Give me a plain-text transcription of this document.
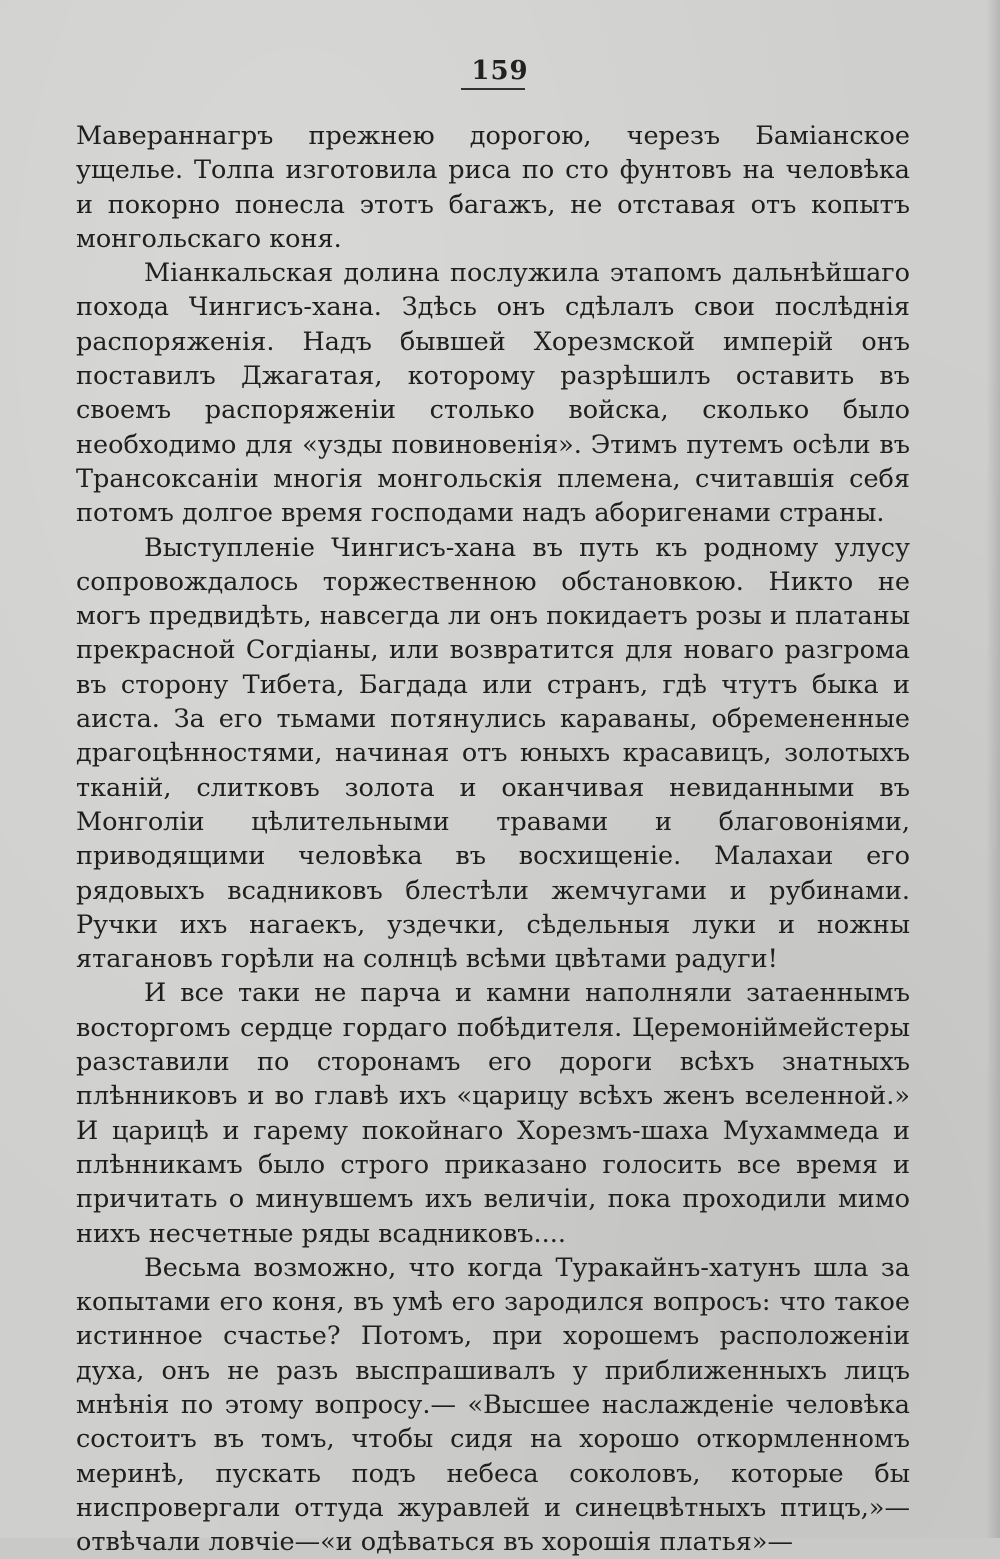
159

Мавераннагръ прежнею дорогою, черезъ Баміанское ущелье. Толпа изготовила риса по сто фунтовъ на человѣка и покорно понесла этотъ багажъ, не отставая отъ копытъ монгольскаго коня.

Міанкальская долина послужила этапомъ дальнѣйшаго похода Чингисъ-хана. Здѣсь онъ сдѣлалъ свои послѣднія распоряженія. Надъ бывшей Хорезмской имперій онъ поставилъ Джагатая, которому разрѣшилъ оставить въ своемъ распоряженіи столько войска, сколько было необходимо для «узды повиновенія». Этимъ путемъ осѣли въ Трансоксаніи многія монгольскія племена, считавшія себя потомъ долгое время господами надъ аборигенами страны.

Выступленіе Чингисъ-хана въ путь къ родному улусу сопровождалось торжественною обстановкою. Никто не могъ предвидѣть, навсегда ли онъ покидаетъ розы и платаны прекрасной Согдіаны, или возвратится для новаго разгрома въ сторону Тибета, Багдада или странъ, гдѣ чтутъ быка и аиста. За его тьмами потянулись караваны, обремененные драгоцѣнностями, начиная отъ юныхъ красавицъ, золотыхъ тканій, слитковъ золота и оканчивая невиданными въ Монголіи цѣлительными травами и благовоніями, приводящими человѣка въ восхищеніе. Малахаи его рядовыхъ всадниковъ блестѣли жемчугами и рубинами. Ручки ихъ нагаекъ, уздечки, сѣдельныя луки и ножны ятагановъ горѣли на солнцѣ всѣми цвѣтами радуги!

И все таки не парча и камни наполняли затаеннымъ восторгомъ сердце гордаго побѣдителя. Церемоніймейстеры разставили по сторонамъ его дороги всѣхъ знатныхъ плѣнниковъ и во главѣ ихъ «царицу всѣхъ женъ вселенной.» И царицѣ и гарему покойнаго Хорезмъ-шаха Мухаммеда и плѣнникамъ было строго приказано голосить все время и причитать о минувшемъ ихъ величіи, пока проходили мимо нихъ несчетные ряды всадниковъ....

Весьма возможно, что когда Туракайнъ-хатунъ шла за копытами его коня, въ умѣ его зародился вопросъ: что такое истинное счастье? Потомъ, при хорошемъ расположеніи духа, онъ не разъ выспрашивалъ у приближенныхъ лицъ мнѣнія по этому вопросу.— «Высшее наслажденіе человѣка состоитъ въ томъ, чтобы сидя на хорошо откормленномъ меринѣ, пускать подъ небеса соколовъ, которые бы ниспровергали оттуда журавлей и синецвѣтныхъ птицъ,»—отвѣчали ловчіе—«и одѣваться въ хорошія платья»—
